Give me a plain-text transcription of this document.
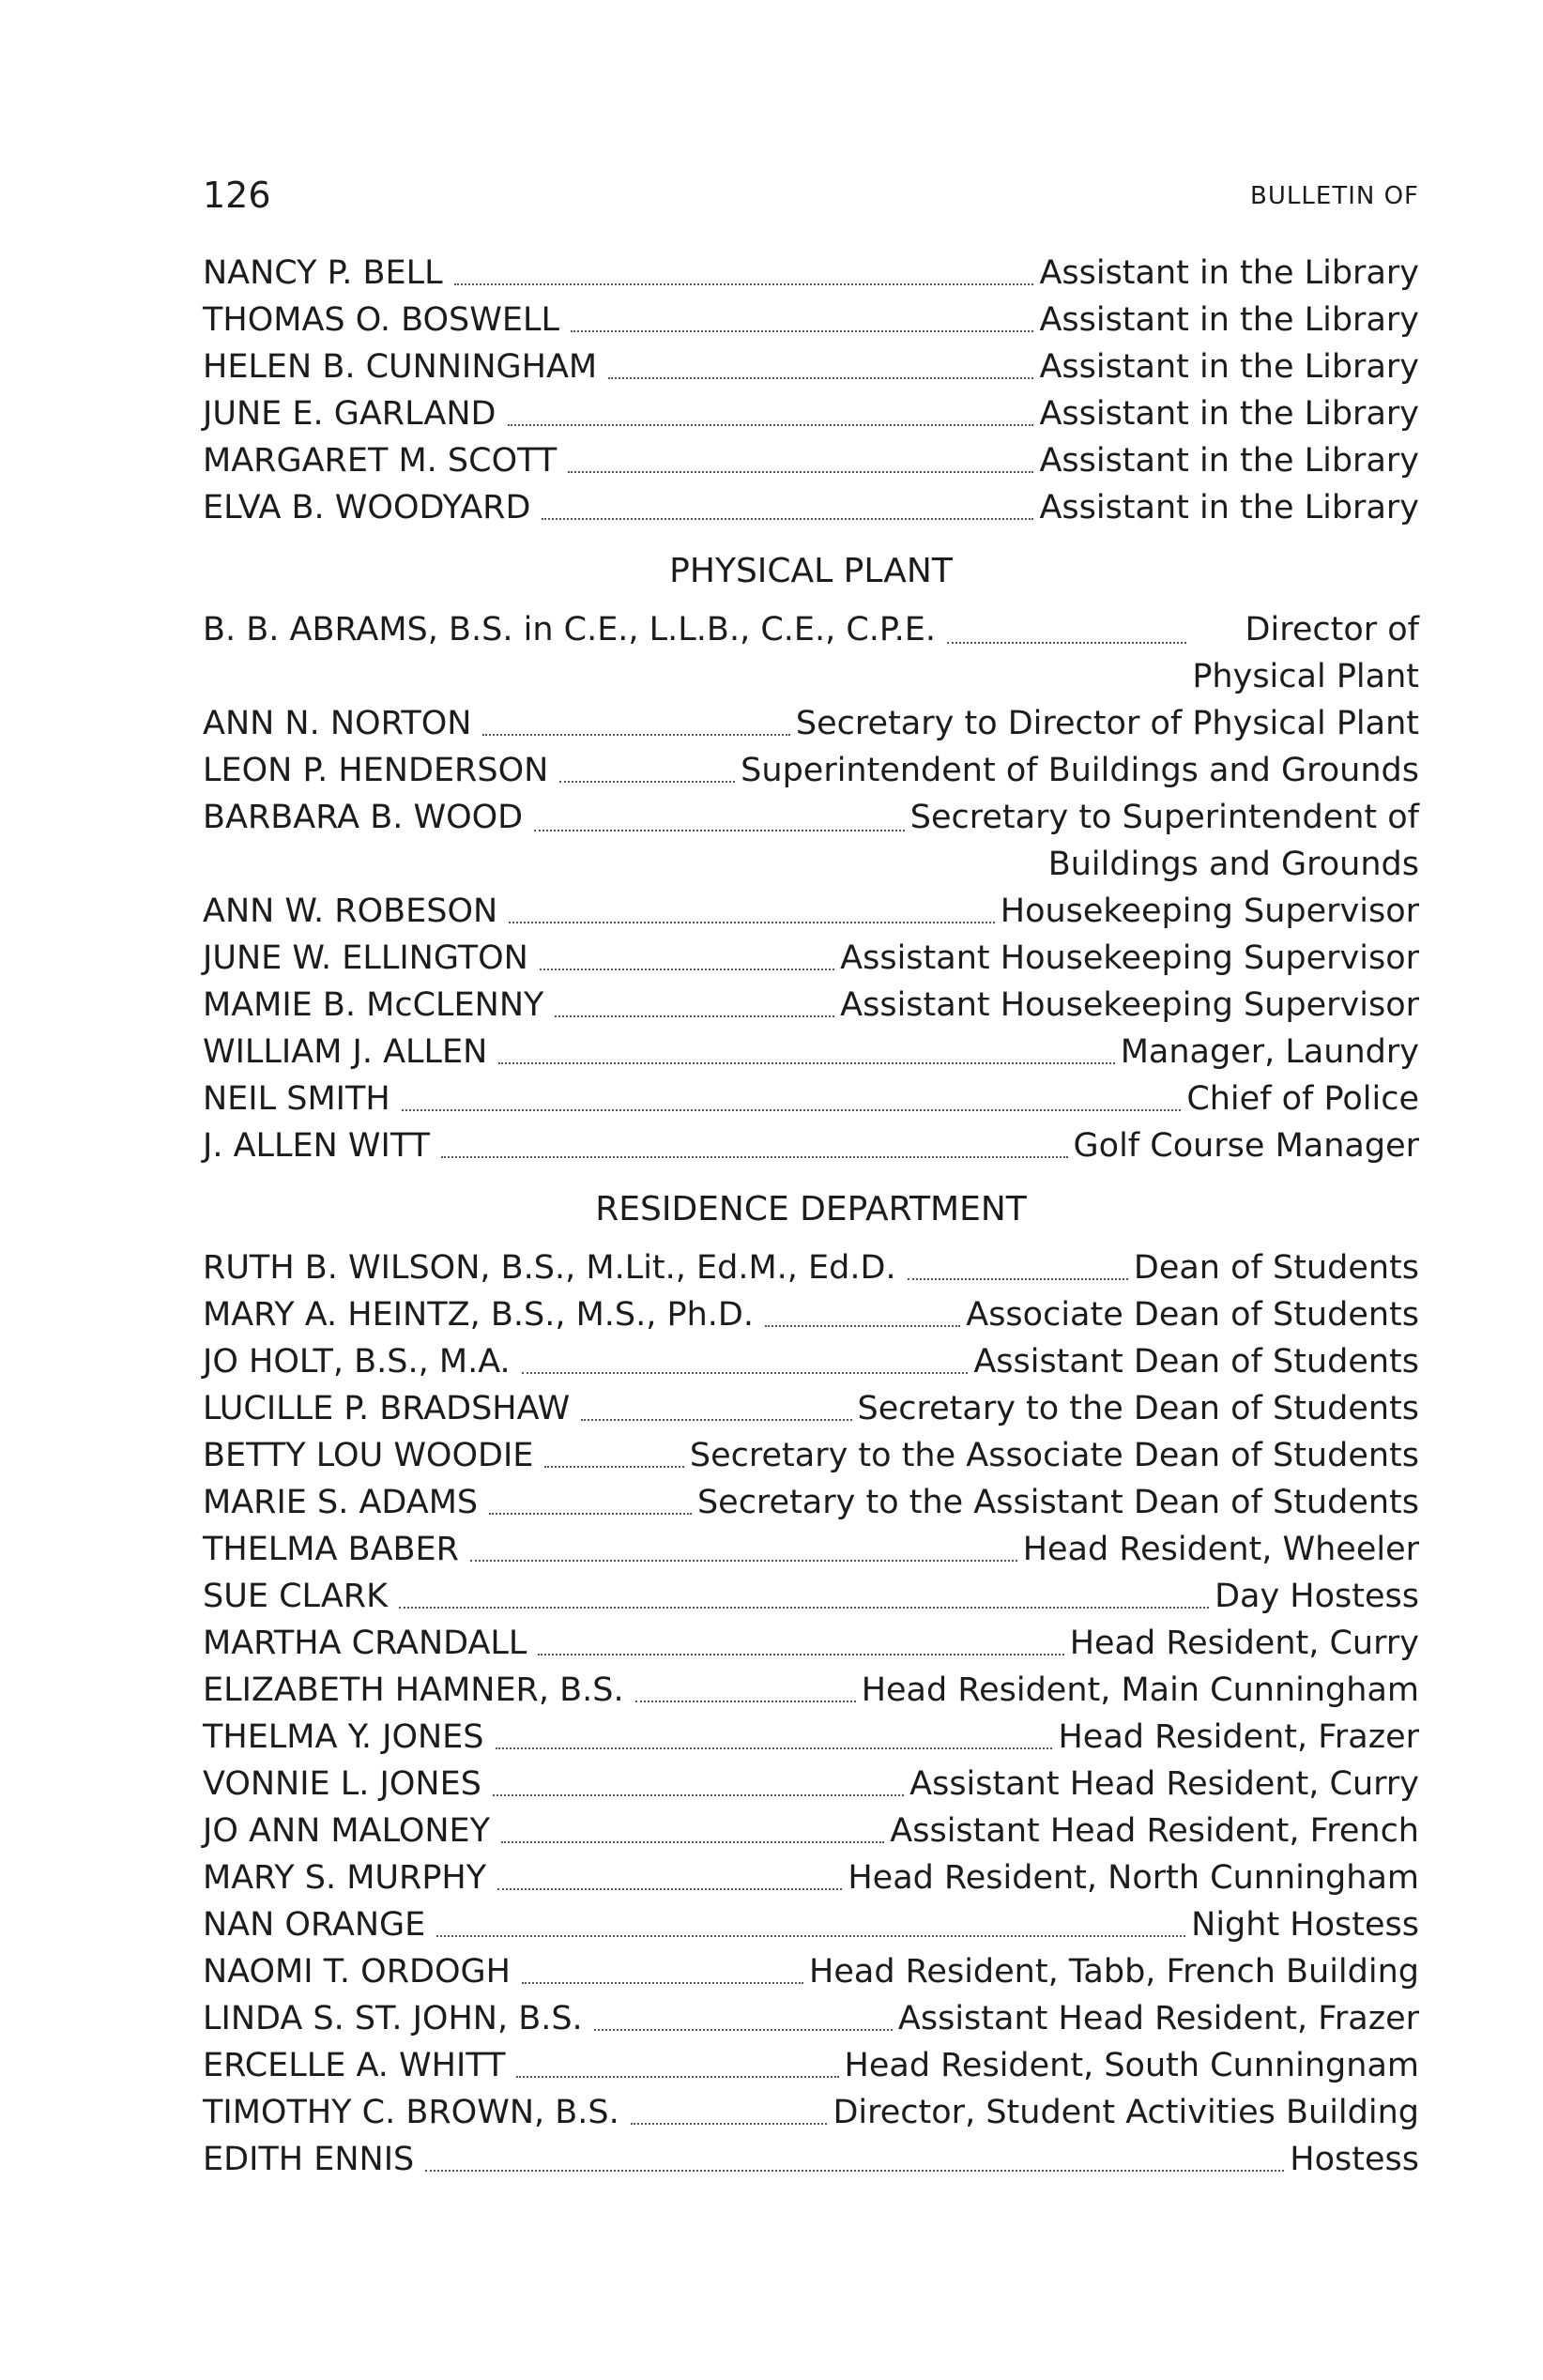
126	BULLETIN OF
NANCY P. BELL	Assistant in the Library
THOMAS O. BOSWELL	Assistant in the Library
HELEN B. CUNNINGHAM	Assistant in the Library
JUNE E. GARLAND	Assistant in the Library
MARGARET M. SCOTT	Assistant in the Library
ELVA B. WOODYARD	Assistant in the Library
PHYSICAL PLANT
B. B. ABRAMS, B.S. in C.E., L.L.B., C.E., C.P.E.	Director of
Physical Plant
ANN N. NORTON	Secretary to Director of Physical Plant
LEON P. HENDERSON	Superintendent of Buildings and Grounds
BARBARA B. WOOD	Secretary to Superintendent of
Buildings and Grounds
ANN W. ROBESON	Housekeeping Supervisor
JUNE W. ELLINGTON	Assistant Housekeeping Supervisor
MAMIE B. McCLENNY	Assistant Housekeeping Supervisor
WILLIAM J. ALLEN	Manager, Laundry
NEIL SMITH	Chief of Police
J. ALLEN WITT	Golf Course Manager
RESIDENCE DEPARTMENT
RUTH B. WILSON, B.S., M.Lit., Ed.M., Ed.D.	Dean of Students
MARY A. HEINTZ, B.S., M.S., Ph.D.	Associate Dean of Students
JO HOLT, B.S., M.A.	Assistant Dean of Students
LUCILLE P. BRADSHAW	Secretary to the Dean of Students
BETTY LOU WOODIE	Secretary to the Associate Dean of Students
MARIE S. ADAMS	Secretary to the Assistant Dean of Students
THELMA BABER	Head Resident, Wheeler
SUE CLARK	Day Hostess
MARTHA CRANDALL	Head Resident, Curry
ELIZABETH HAMNER, B.S.	Head Resident, Main Cunningham
THELMA Y. JONES	Head Resident, Frazer
VONNIE L. JONES	Assistant Head Resident, Curry
JO ANN MALONEY	Assistant Head Resident, French
MARY S. MURPHY	Head Resident, North Cunningham
NAN ORANGE	Night Hostess
NAOMI T. ORDOGH	Head Resident, Tabb, French Building
LINDA S. ST. JOHN, B.S.	Assistant Head Resident, Frazer
ERCELLE A. WHITT	Head Resident, South Cunningnam
TIMOTHY C. BROWN, B.S.	Director, Student Activities Building
EDITH ENNIS	Hostess
